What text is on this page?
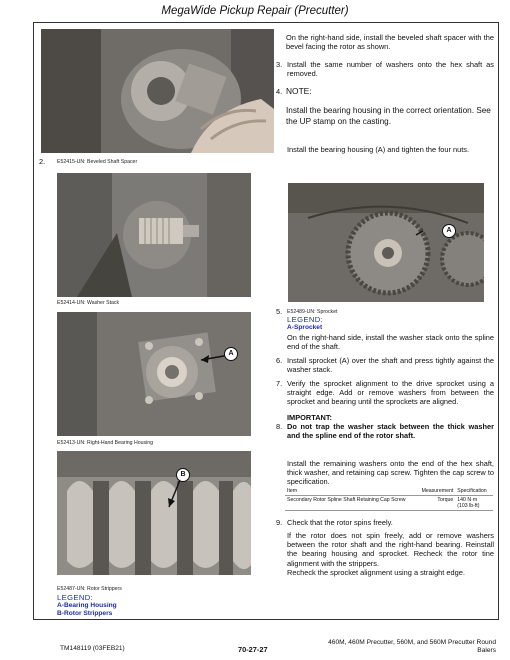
MegaWide Pickup Repair (Precutter)
On the right-hand side, install the beveled shaft spacer with the bevel facing the rotor as shown.
3. Install the same number of washers onto the hex shaft as removed.
4. NOTE:
Install the bearing housing in the correct orientation. See the UP stamp on the casting.
Install the bearing housing (A) and tighten the four nuts.
2. E52415-UN: Beveled Shaft Spacer
E52414-UN: Washer Stack
A
E52413-UN: Right-Hand Bearing Housing
B
E52487-UN: Rotor Strippers
LEGEND:
A-Bearing Housing
B-Rotor Strippers
A
5. E52489-UN: Sprocket
LEGEND:
A-Sprocket
On the right-hand side, install the washer stack onto the spline end of the shaft.
6. Install sprocket (A) over the shaft and press tightly against the washer stack.
7. Verify the sprocket alignment to the drive sprocket using a straight edge. Add or remove washers from between the sprocket and bearing until the sprockets are aligned.
IMPORTANT:
8. Do not trap the washer stack between the thick washer and the spline end of the rotor shaft.
Install the remaining washers onto the end of the hex shaft, thick washer, and retaining cap screw. Tighten the cap screw to specification.
Item	Measurement	Specification
Secondary Rotor Spline Shaft Retaining Cap Screw	Torque	140 N·m
(103 lb-ft)
9. Check that the rotor spins freely.
If the rotor does not spin freely, add or remove washers between the rotor shaft and the right-hand bearing. Reinstall the bearing housing and sprocket. Recheck the rotor tine alignment with the strippers.
Recheck the sprocket alignment using a straight edge.
TM148119 (03FEB21)	70-27-27
460M, 460M Precutter, 560M, and 560M Precutter Round
Balers
